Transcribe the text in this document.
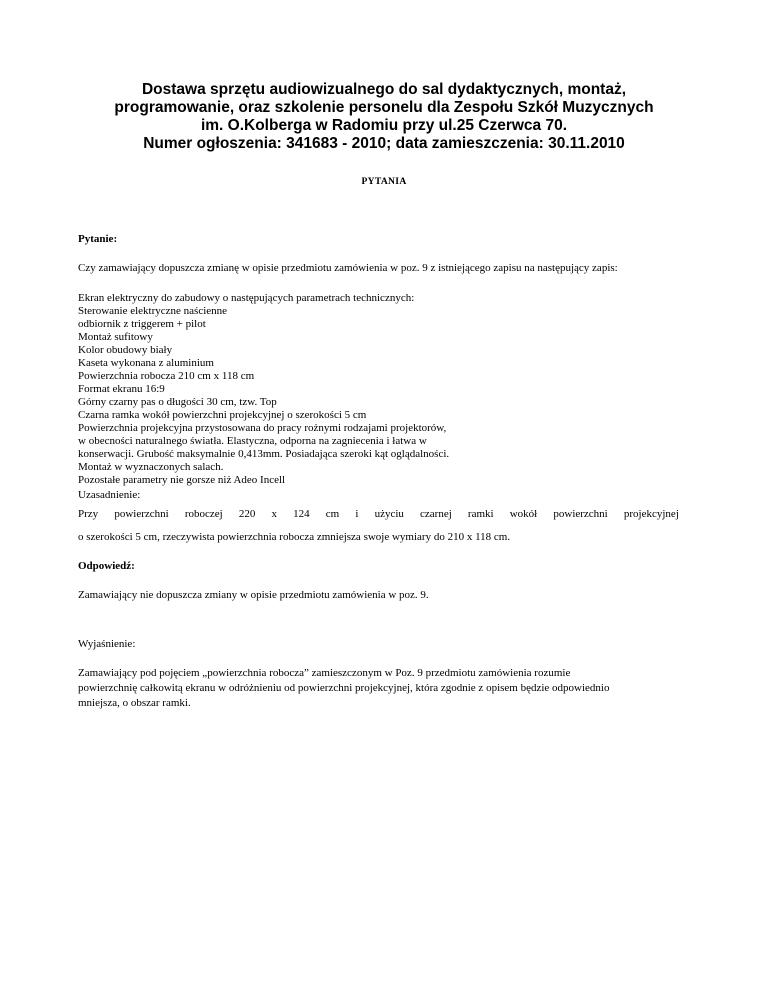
Dostawa sprzętu audiowizualnego do sal dydaktycznych, montaż,
programowanie, oraz szkolenie personelu dla Zespołu Szkół Muzycznych
im. O.Kolberga w Radomiu przy ul.25 Czerwca 70.
Numer ogłoszenia: 341683 - 2010; data zamieszczenia: 30.11.2010
PYTANIA
Pytanie:
Czy zamawiający dopuszcza zmianę w opisie przedmiotu zamówienia w poz. 9 z istniejącego zapisu na następujący zapis:
Ekran elektryczny do zabudowy o następujących parametrach technicznych:
Sterowanie elektryczne naścienne
odbiornik z triggerem + pilot
Montaż sufitowy
Kolor obudowy biały
Kaseta wykonana z aluminium
Powierzchnia robocza 210 cm x 118 cm
Format ekranu 16:9
Górny czarny pas o długości 30 cm, tzw. Top
Czarna ramka wokół powierzchni projekcyjnej o szerokości 5 cm
Powierzchnia projekcyjna przystosowana do pracy rożnymi rodzajami projektorów,
w obecności naturalnego światła. Elastyczna, odporna na zagniecenia i łatwa w
konserwacji. Grubość maksymalnie 0,413mm. Posiadająca szeroki kąt oglądalności.
Montaż w wyznaczonych salach.
Pozostałe parametry nie gorsze niż Adeo Incell
Uzasadnienie:
Przy powierzchni roboczej 220 x 124 cm i użyciu czarnej ramki wokół powierzchni projekcyjnej
o szerokości 5 cm, rzeczywista powierzchnia robocza zmniejsza swoje wymiary do 210 x 118 cm.
Odpowiedź:
Zamawiający nie dopuszcza zmiany w opisie przedmiotu zamówienia w poz. 9.
Wyjaśnienie:
Zamawiający pod pojęciem „powierzchnia robocza” zamieszczonym w Poz. 9 przedmiotu zamówienia rozumie
powierzchnię całkowitą ekranu w odróżnieniu od powierzchni projekcyjnej, która zgodnie z opisem będzie odpowiednio
mniejsza, o obszar ramki.
